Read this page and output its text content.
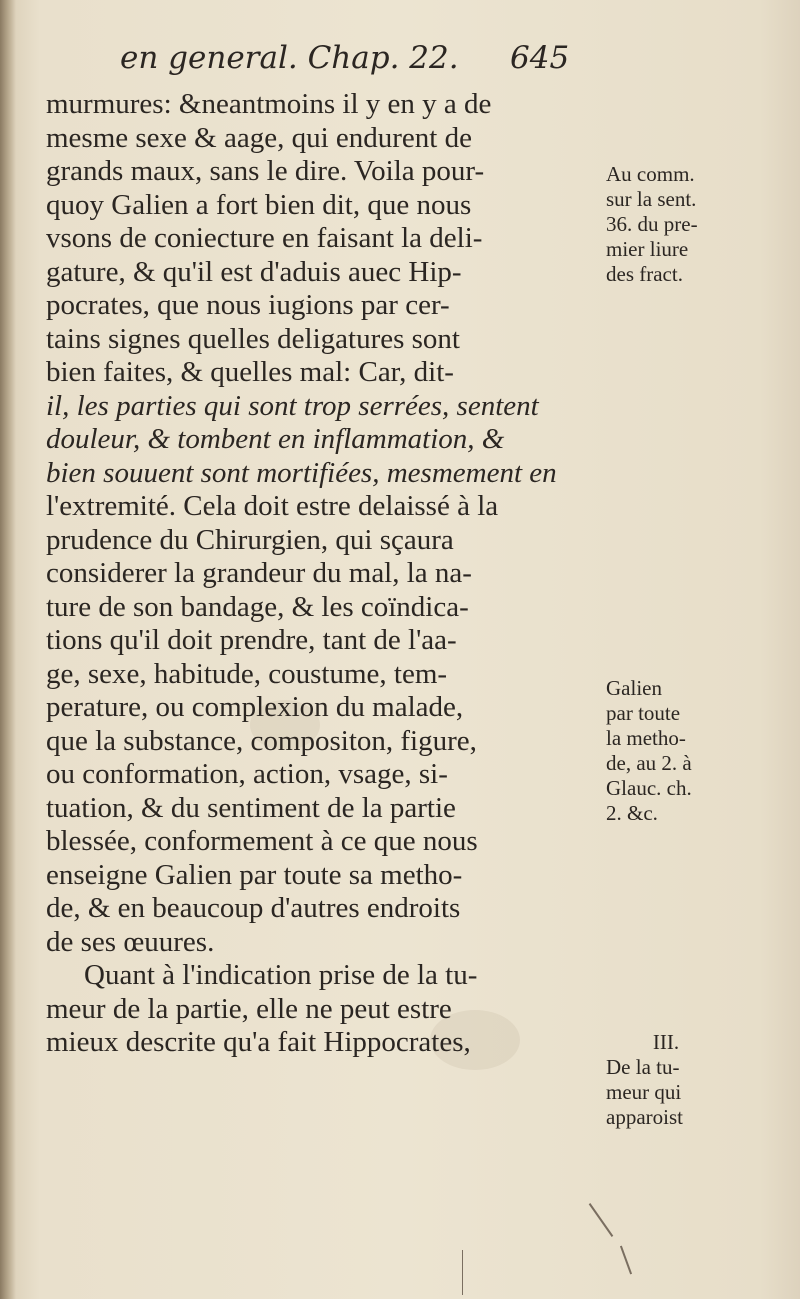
en general. Chap. 22. 645
murmures: &neantmoins il y en y a de
mesme sexe & aage, qui endurent de
grands maux, sans le dire. Voila pour-
quoy Galien a fort bien dit, que nous
vsons de coniecture en faisant la deli-
gature, & qu'il est d'aduis auec Hip-
pocrates, que nous iugions par cer-
tains signes quelles deligatures sont
bien faites, & quelles mal: Car, dit-
il, les parties qui sont trop serrées, sentent
douleur, & tombent en inflammation, &
bien souuent sont mortifiées, mesmement en
l'extremité. Cela doit estre delaissé à la
prudence du Chirurgien, qui sçaura
considerer la grandeur du mal, la na-
ture de son bandage, & les coïndica-
tions qu'il doit prendre, tant de l'aa-
ge, sexe, habitude, coustume, tem-
perature, ou complexion du malade,
que la substance, compositon, figure,
ou conformation, action, vsage, si-
tuation, & du sentiment de la partie
blessée, conformement à ce que nous
enseigne Galien par toute sa metho-
de, & en beaucoup d'autres endroits
de ses œuures.
Quant à l'indication prise de la tu-
meur de la partie, elle ne peut estre
mieux descrite qu'a fait Hippocrates,
Au comm.
sur la sent.
36. du pre-
mier liure
des fract.
Galien
par toute
la metho-
de, au 2. à
Glauc. ch.
2. &c.
III.
De la tu-
meur qui
apparoist
